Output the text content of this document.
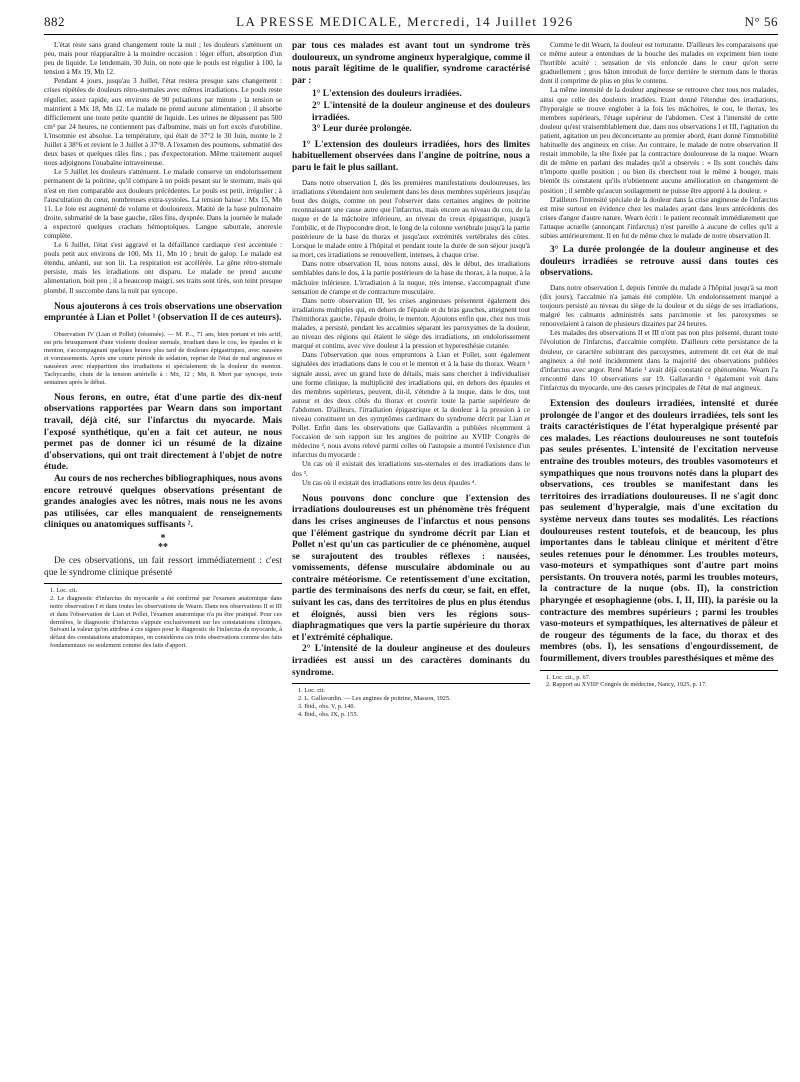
882	LA PRESSE MEDICALE, Mercredi, 14 Juillet 1926	N° 56

L'état reste sans grand changement toute la nuit ; les douleurs s'atténuent un peu, mais pour réapparaître à la moindre occasion : léger effort, absorption d'un peu de liquide. Le lendemain, 30 Juin, on note que le pouls est régulier à 100, la tension à Mx 19, Mn 12.

Pendant 4 jours, jusqu'au 3 Juillet, l'état restera presque sans changement : crises répétées de douleurs rétro-sternales avec mêmes irradiations. Le pouls reste régulier, assez rapide, aux environs de 90 pulsations par minute ; la tension se maintient à Mx 18, Mn 12. Le malade ne prend aucune alimentation ; il absorbe difficilement une toute petite quantité de liquide. Les urines ne dépassent pas 500 cm³ par 24 heures, ne contiennent pas d'albumine, mais un fort excès d'urobiline. L'insomnie est absolue. La température, qui était de 37°2 le 30 Juin, monte le 2 Juillet à 38°6 et revient le 3 Juillet à 37°8. A l'examen des poumons, submatité des deux bases et quelques râles fins ; pas d'expectoration. Même traitement auquel nous adjoignons l'ouabaïne intraveineuse.

Le 5 Juillet les douleurs s'atténuent. Le malade conserve un endolorissement permanent de la poitrine, qu'il compare à un poids pesant sur le sternum, mais qui n'est en rien comparable aux douleurs précédentes. Le pouls est petit, irrégulier ; à l'auscultation du cœur, nombreuses extra-systoles. La tension baisse : Mx 15, Mn 11. Le foie est augmenté de volume et douloureux. Matité de la base pulmonaire droite, submatité de la base gauche, râles fins, dyspnée. Dans la journée le malade a expectoré quelques crachats hémoptoïques. Langue saburrale, anorexie complète.

Le 6 Juillet, l'état s'est aggravé et la défaillance cardiaque s'est accentuée : pouls petit aux environs de 100, Mx 11, Mn 10 ; bruit de galop. Le malade est étendu, anéanti, sur son lit. La respiration est accélérée. La gêne rétro-sternale persiste, mais les irradiations ont disparu. Le malade ne prend aucune alimentation, boit peu ; il a beaucoup maigri, ses traits sont tirés, son teint presque plombé. Il succombe dans la nuit par syncope.

Nous ajouterons à ces trois observations une observation empruntée à Lian et Pollet ¹ (observation II de ces auteurs).

Observation IV (Lian et Pollet) (résumée). — M. P..., 71 ans, bien portant et très actif, est pris brusquement d'une violente douleur sternale, irradiant dans le cou, les épaules et le menton, s'accompagnant quelques heures plus tard de douleurs épigastriques, avec nausées et vomissements. Après une courte période de sédation, reprise de l'état de mal angineux et nauséeux avec réapparition des irradiations et spécialement de la douleur du menton. Tachycardie, chute de la tension artérielle à : Mx, 12 ; Mn, 8. Mort par syncope, trois semaines après le début.

Nous ferons, en outre, état d'une partie des dix-neuf observations rapportées par Wearn dans son important travail, déjà cité, sur l'infarctus du myocarde. Mais l'exposé synthétique, qu'en a fait cet auteur, ne nous permet pas de donner ici un résumé de la dizaine d'observations, qui ont trait directement à l'objet de notre étude.

Au cours de nos recherches bibliographiques, nous avons encore retrouvé quelques observations présentant de grandes analogies avec les nôtres, mais nous ne les avons pas utilisées, car elles manquaient de renseignements cliniques ou anatomiques suffisants ².

*
**

De ces observations, un fait ressort immédiatement : c'est que le syndrome clinique présenté

1. Loc. cit.

2. Le diagnostic d'infarctus du myocarde a été confirmé par l'examen anatomique dans notre observation I et dans toutes les observations de Wearn. Dans nos observations II et III et dans l'observation de Lian et Pollet, l'examen anatomique n'a pu être pratiqué. Pour ces dernières, le diagnostic d'infarctus s'appuie exclusivement sur les constatations cliniques. Suivant la valeur qu'on attribue à ces signes pour le diagnostic de l'infarctus du myocarde, à défaut des constatations anatomiques, on considérera ces trois observations comme des faits fondamentaux ou seulement comme des faits d'apport.

par tous ces malades est avant tout un syndrome très douloureux, un syndrome angineux hyperalgique, comme il nous paraît légitime de le qualifier, syndrome caractérisé par :

1° L'extension des douleurs irradiées.
2° L'intensité de la douleur angineuse et des douleurs irradiées.
3° Leur durée prolongée.
1° L'extension des douleurs irradiées, hors des limites habituellement observées dans l'angine de poitrine, nous a paru le fait le plus saillant.

Dans notre observation I, dès les premières manifestations douloureuses, les irradiations s'étendaient non seulement dans les deux membres supérieurs jusqu'au bout des doigts, comme on peut l'observer dans certaines angines de poitrine reconnaissant une cause autre que l'infarctus, mais encore au niveau du cou, de la nuque et de la mâchoire inférieure, au niveau du creux épigastrique, jusqu'à l'ombilic, et de l'hypocondre droit, le long de la colonne vertébrale jusqu'à la partie postérieure de la base du thorax et jusqu'aux extrémités vertébrales des côtes. Lorsque le malade entre à l'hôpital et pendant toute la durée de son séjour jusqu'à sa mort, ces irradiations se renouvellent, intenses, à chaque crise.

Dans notre observation II, nous notons aussi, dès le début, des irradiations semblables dans le dos, à la partie postérieure de la base du thorax, à la nuque, à la mâchoire inférieure. L'irradiation à la nuque, très intense, s'accompagnait d'une sensation de crampe et de contracture musculaire.

Dans notre observation III, les crises angineuses présentent également des irradiations multiples qui, en dehors de l'épaule et du bras gauches, atteignent tout l'hémithorax gauche, l'épaule droite, le menton. Ajoutons enfin que, chez nos trois malades, a persisté, pendant les accalmies séparant les paroxysmes de la douleur, au niveau des régions qui étaient le siège des irradiations, un endolorissement marqué et continu, avec vive douleur à la pression et hyperesthésie cutanée.

Dans l'observation que nous empruntons à Lian et Pollet, sont également signalées des irradiations dans le cou et le menton et à la base du thorax. Wearn ¹ signale aussi, avec un grand luxe de détails, mais sans chercher à individualiser une forme clinique, la multiplicité des irradiations qui, en dehors des épaules et des membres supérieurs, peuvent, dit-il, s'étendre à la nuque, dans le dos, tout autour et des deux côtés du thorax et couvrir toute la partie supérieure de l'abdomen. D'ailleurs, l'irradiation épigastrique et la douleur à la pression à ce niveau constituent un des symptômes cardinaux du syndrome décrit par Lian et Pollet. Enfin dans les observations que Gallavardin a publiées récemment à l'occasion de son rapport sur les angines de poitrine au XVIIIᵉ Congrès de médecine ², nous avons relevé parmi celles où l'autopsie a montré l'existence d'un infarctus du myocarde :

Un cas où il existait des irradiations sus-sternales et des irradiations dans le dos ³.

Un cas où il existait des irradiations entre les deux épaules ⁴.

Nous pouvons donc conclure que l'extension des irradiations douloureuses est un phénomène très fréquent dans les crises angineuses de l'infarctus et nous pensons que l'élément gastrique du syndrome décrit par Lian et Pollet n'est qu'un cas particulier de ce phénomène, auquel se surajoutent des troubles réflexes : nausées, vomissements, défense musculaire abdominale ou au contraire météorisme. Ce retentissement d'une excitation, partie des terminaisons des nerfs du cœur, se fait, en effet, suivant les cas, dans des territoires de plus en plus étendus et éloignés, aussi bien vers les régions sous-diaphragmatiques que vers la partie supérieure du thorax et l'extrémité céphalique.

2° L'intensité de la douleur angineuse et des douleurs irradiées est aussi un des caractères dominants du syndrome.

1. Loc. cit.

2. L. Gallavardin. — Les angines de poitrine, Masson, 1925.

3. Ibid., obs. V, p. 140.

4. Ibid., obs. IX, p. 155.

Comme le dit Wearn, la douleur est torturante. D'ailleurs les comparaisons que ce même auteur a entendues de la bouche des malades en expriment bien toute l'horrible acuité : sensation de vis enfoncée dans le cœur qu'on serre graduellement ; gros bâton introduit de force derrière le sternum dans le thorax dont il comprime de plus en plus le contenu.

La même intensité de la douleur angineuse se retrouve chez tous nos malades, ainsi que celle des douleurs irradiées. Etant donné l'étendue des irradiations, l'hyperalgie se trouve englober à la fois les mâchoires, le cou, le thorax, les membres supérieurs, l'étage supérieur de l'abdomen. C'est à l'intensité de cette douleur qu'est vraisemblablement due, dans nos observations I et III, l'agitation du patient, agitation un peu déconcertante au premier abord, étant donné l'immobilité habituelle des angineux en crise. Au contraire, le malade de notre observation II restait immobile, la tête fixée par la contracture douloureuse de la nuque. Wearn dit de même en parlant des malades qu'il a observés : « Ils sont couchés dans n'importe quelle position ; ou bien ils cherchent tout le même à bouger, mais bientôt ils constatent qu'ils n'obtiennent aucune amélioration en changement de position ; il semble qu'aucun soulagement ne puisse être apporté à la douleur. »

D'ailleurs l'intensité spéciale de la douleur dans la crise angineuse de l'infarctus est mise surtout en évidence chez les malades ayant dans leurs antécédents des crises d'angor d'autre nature. Wearn écrit : le patient reconnaît immédiatement que l'attaque actuelle (annonçant l'infarctus) n'est pareille à aucune de celles qu'il a subies antérieurement. Il en fut de même chez le malade de notre observation II.

3° La durée prolongée de la douleur angineuse et des douleurs irradiées se retrouve aussi dans toutes ces observations.

Dans notre observation I, depuis l'entrée du malade à l'hôpital jusqu'à sa mort (dix jours), l'accalmie n'a jamais été complète. Un endolorissement marqué a toujours persisté au niveau du siège de la douleur et du siège de ses irradiations, malgré les calmants administrés sans parcimonie et les paroxysmes se renouvelaient à raison de plusieurs dizaines par 24 heures.

Les malades des observations II et III n'ont pas non plus présenté, durant toute l'évolution de l'infarctus, d'accalmie complète. D'ailleurs cette persistance de la douleur, ce caractère subintrant des paroxysmes, autrement dit cet état de mal angineux a été noté incidemment dans la majorité des observations publiées d'infarctus avec angor. René Marie ¹ avait déjà constaté ce phénomène. Wearn l'a rencontré dans 10 observations sur 19. Gallavardin ² également voit dans l'infarctus du myocarde, une des causes principales de l'état de mal angineux.

Extension des douleurs irradiées, intensité et durée prolongée de l'angor et des douleurs irradiées, tels sont les traits caractéristiques de l'état hyperalgique présenté par ces malades. Les réactions douloureuses ne sont toutefois pas seules présentes. L'intensité de l'excitation nerveuse entraîne des troubles moteurs, des troubles vasomoteurs et sympathiques que nous trouvons notés dans la plupart des observations, ces troubles se manifestant dans les territoires des irradiations douloureuses. Il ne s'agit donc pas seulement d'hyperalgie, mais d'une excitation du système nerveux dans toutes ses modalités. Les réactions douloureuses restent toutefois, et de beaucoup, les plus importantes dans le tableau clinique et méritent d'être seules retenues pour le dénommer. Les troubles moteurs, vaso-moteurs et sympathiques sont d'autre part moins persistants. On trouvera notés, parmi les troubles moteurs, la contracture de la nuque (obs. II), la constriction pharyngée et œsophagienne (obs. I, II, III), la parésie ou la contracture des membres supérieurs ; parmi les troubles vaso-moteurs et sympathiques, les alternatives de pâleur et de rougeur des téguments de la face, du thorax et des membres (obs. I), les sensations d'engourdissement, de fourmillement, divers troubles paresthésiques et même des

1. Loc. cit., p. 67.

2. Rapport au XVIIIᵉ Congrès de médecine, Nancy, 1925, p. 17.
